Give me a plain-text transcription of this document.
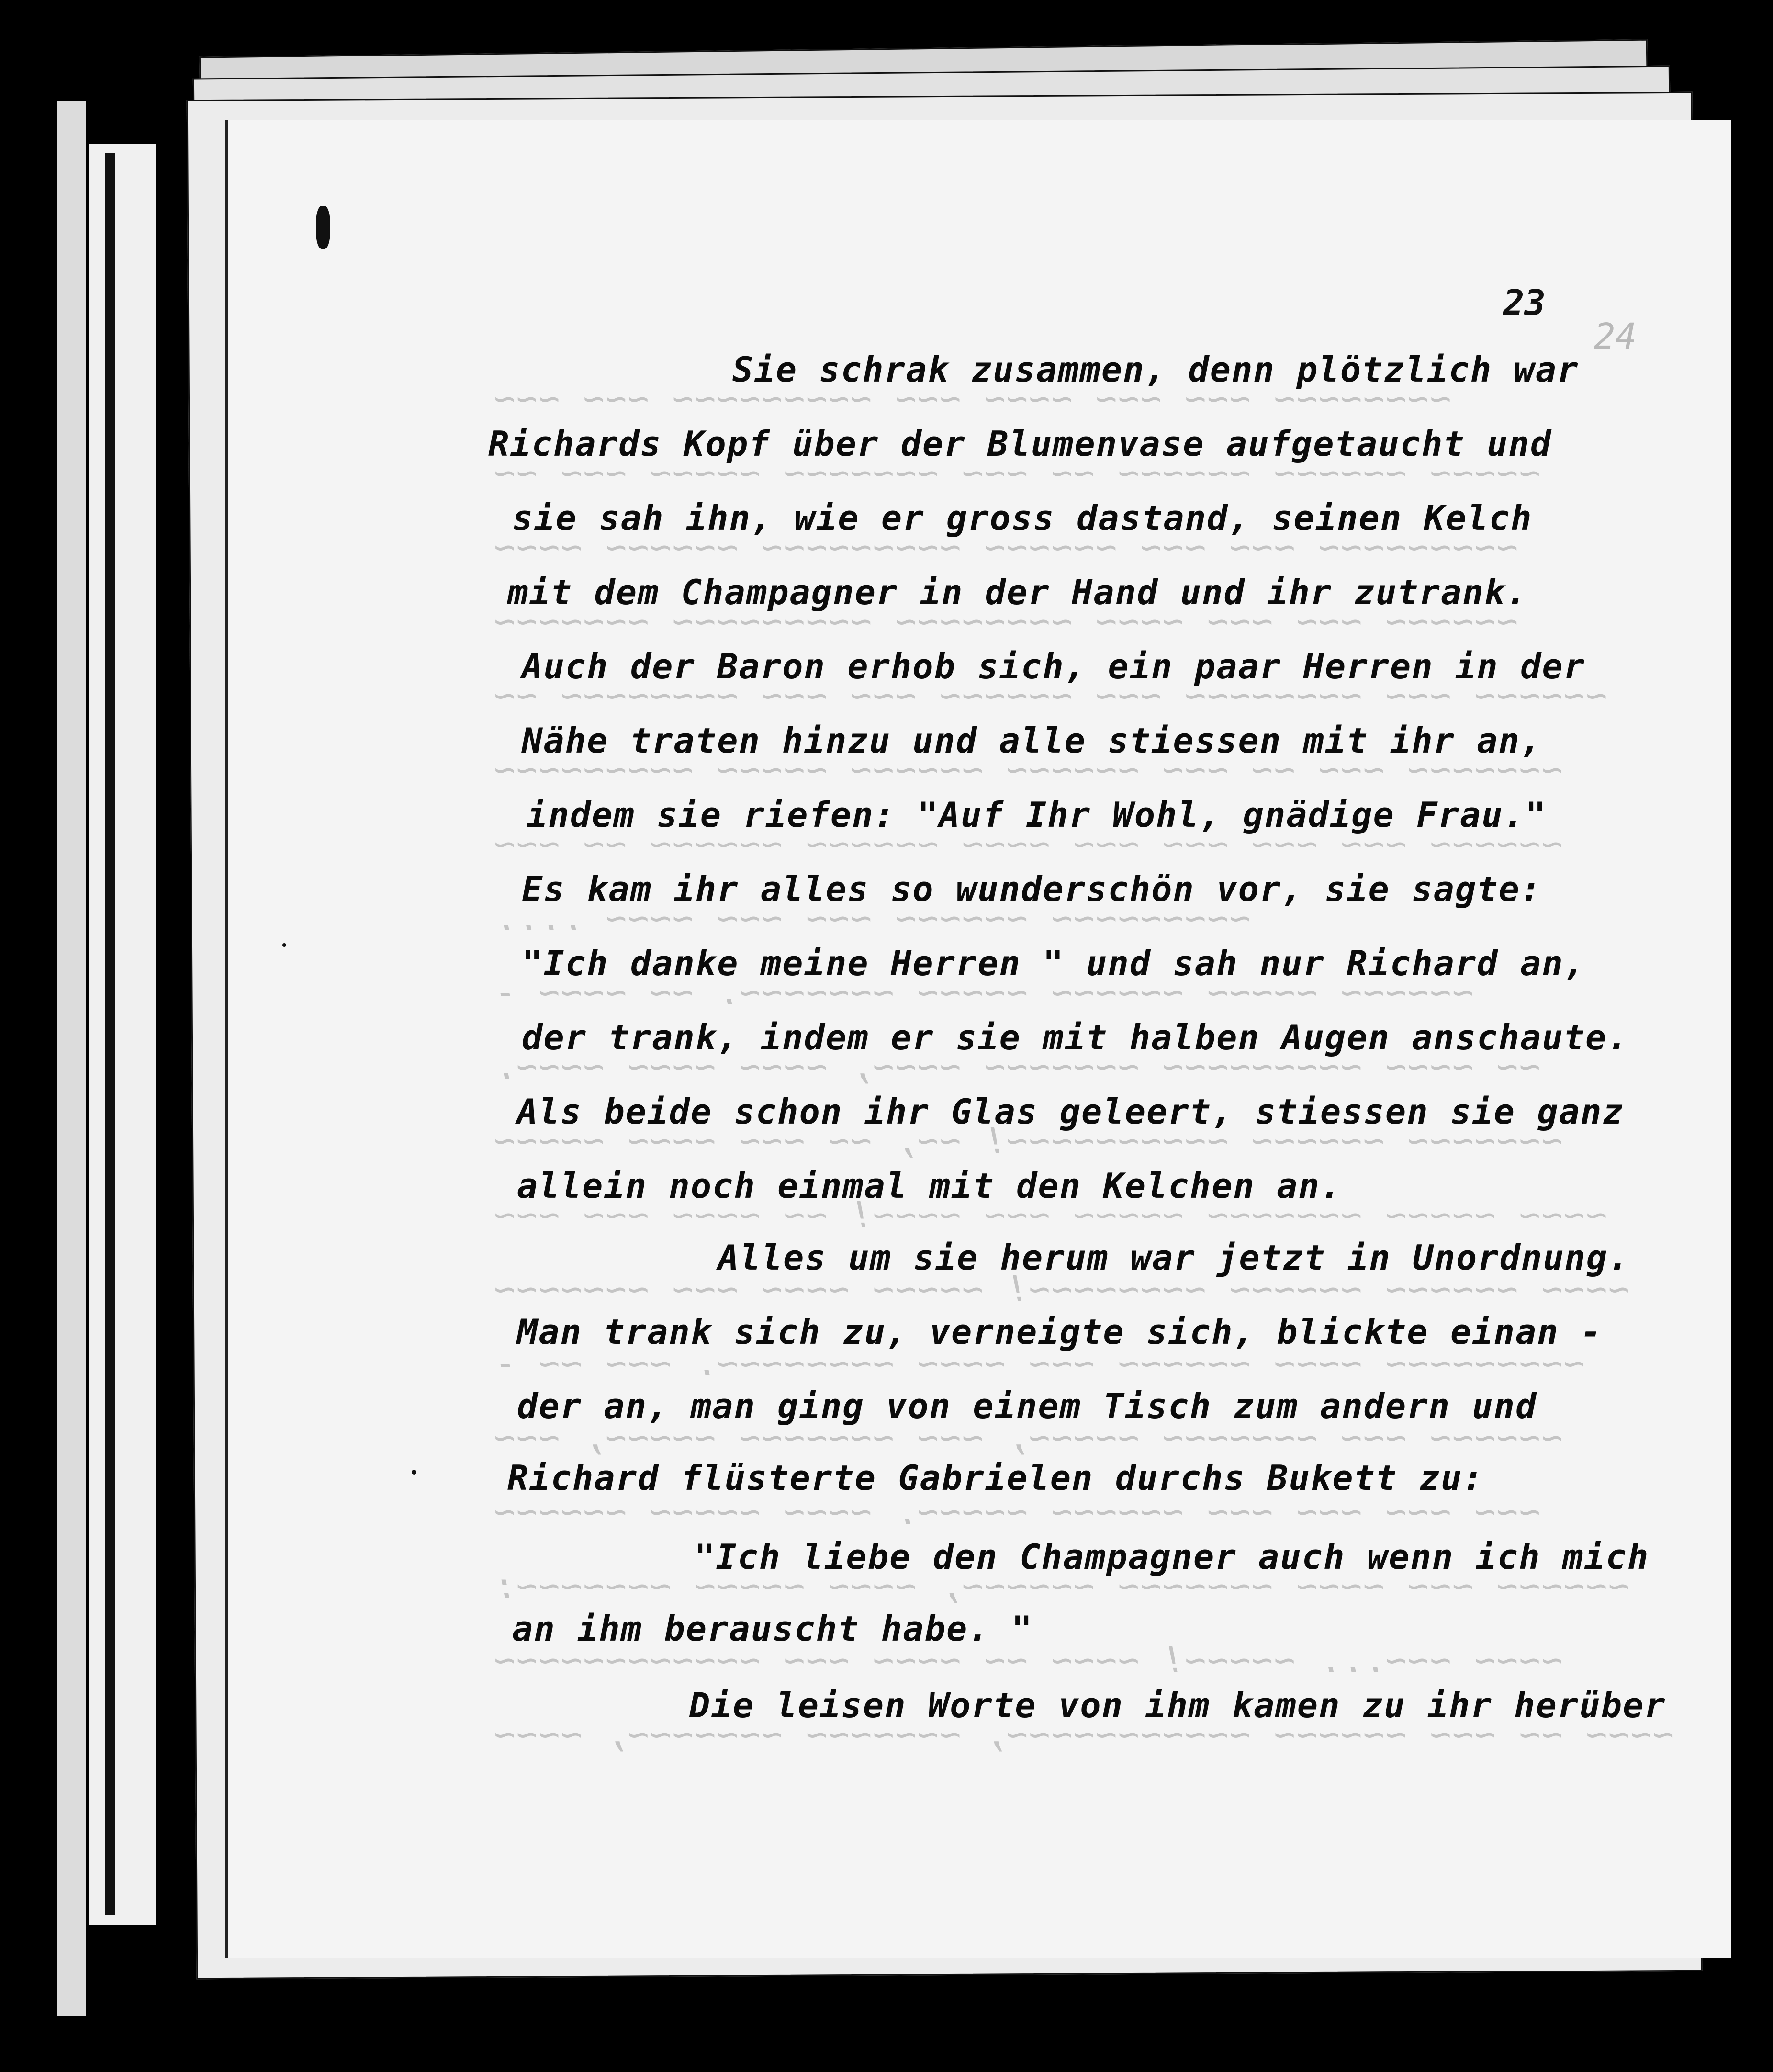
~~~~~~~~ ~~~ ~~~ ~~~~ ~~~ ~~~~~~~~~ ~~~ ~~~
~~~~~ ~~~~~~ ~~~~~~ ~~ ~~~ ~~~~~~~ ~~~~~ ~~~ ~~
~~~~~~~~~ ~~~ ~~~ ~~~~~~ ~~~~~~~~~ ~~~~~~ ~~~~
~~~~~~ ~~~ ~~~ ~~~~ ~~~~~~~~ ~~~~~~~~~ ~~~~~~~
~~~~~~ ~~~ ~~~~~~~~ ~~~ ~~~~~~ ~~~ ~~~ ~~~~~~~~ ~~
~~~~~~~ ~~~ ~~ ~~~ ~~~~~~ ~~~~~~ ~~~~~ ~~~~~~~~~
~~~~~~ ~~~ ~~~ ~~~ ~~~ ~~~~ ~~~~~~ ~~~~~~ ~~ ~~~
~~~~~~~~~ ~~~~~~ ~~~ ~~~ ~~~~ ....
~~~~~~ ~~~~~ ~~~~~~ ~~~~~ ~~~~~~~. ~~ ~~~~ -
~~ ~~~~ ~~~~~~~~~ ~~~~~~~ ~~~~, ~~~~ ~~~~ ~~~~.
~~~~~~~ ~~~~~~ ~~~~~~~~~~! ~~, ~~ ~~~ ~~~~ ~~~~~
~~~~ ~~~~~ ~~~~~~~ ~~~~~ ~~~ ~~~~! ~~ ~~~~ ~~~ ~~~
~~~~ ~~~~~~ ~~~~~~ ~~~~~~~~! ~~~~~ ~~~~ ~~~ ~~~~~~~
~~~~~~~~~ ~~~~ ~~~~~~ ~~~ ~~~~ ~~~~~~~~. ~~~ ~~ -
~~~~~~ ~~~ ~~~~~~~ ~~~~~, ~~~ ~~~~~~~ ~~~~~, ~~~
~~~ ~~~ ~~~ ~~~ ~~~~~~ ~~~~~. ~~~~ ~~~~~ ~~~~~~
~~~~~~ ~~~ ~~~~ ~~~~~~~ ~~~~~~, ~~~~ ~~~~~ ~~~~~~~:
~~~~ ~~~... ~~~~~! ~~~~ ~~ ~~~~ ~~~ ~~~~~~~~~~~~
~~~~ ~~ ~~~ ~~~~~~ ~~~~~~~~~~~, ~~~~~~~ ~~~~~~~, ~~~~
24
23
Sie schrak zusammen, denn plötzlich war
Richards Kopf über der Blumenvase aufgetaucht und
sie sah ihn, wie er gross dastand, seinen Kelch
mit dem Champagner in der Hand und ihr zutrank.
Auch der Baron erhob sich, ein paar Herren in der
Nähe traten hinzu und alle stiessen mit ihr an,
indem sie riefen: "Auf Ihr Wohl, gnädige Frau."
Es kam ihr alles so wunderschön vor, sie sagte:
"Ich danke meine Herren " und sah nur Richard an,
der trank, indem er sie mit halben Augen anschaute.
Als beide schon ihr Glas geleert, stiessen sie ganz
allein noch einmal mit den Kelchen an.
Alles um sie herum war jetzt in Unordnung.
Man trank sich zu, verneigte sich, blickte einan -
der an, man ging von einem Tisch zum andern und
Richard flüsterte Gabrielen durchs Bukett zu:
"Ich liebe den Champagner auch wenn ich mich
an ihm berauscht habe. "
Die leisen Worte von ihm kamen zu ihr herüber
